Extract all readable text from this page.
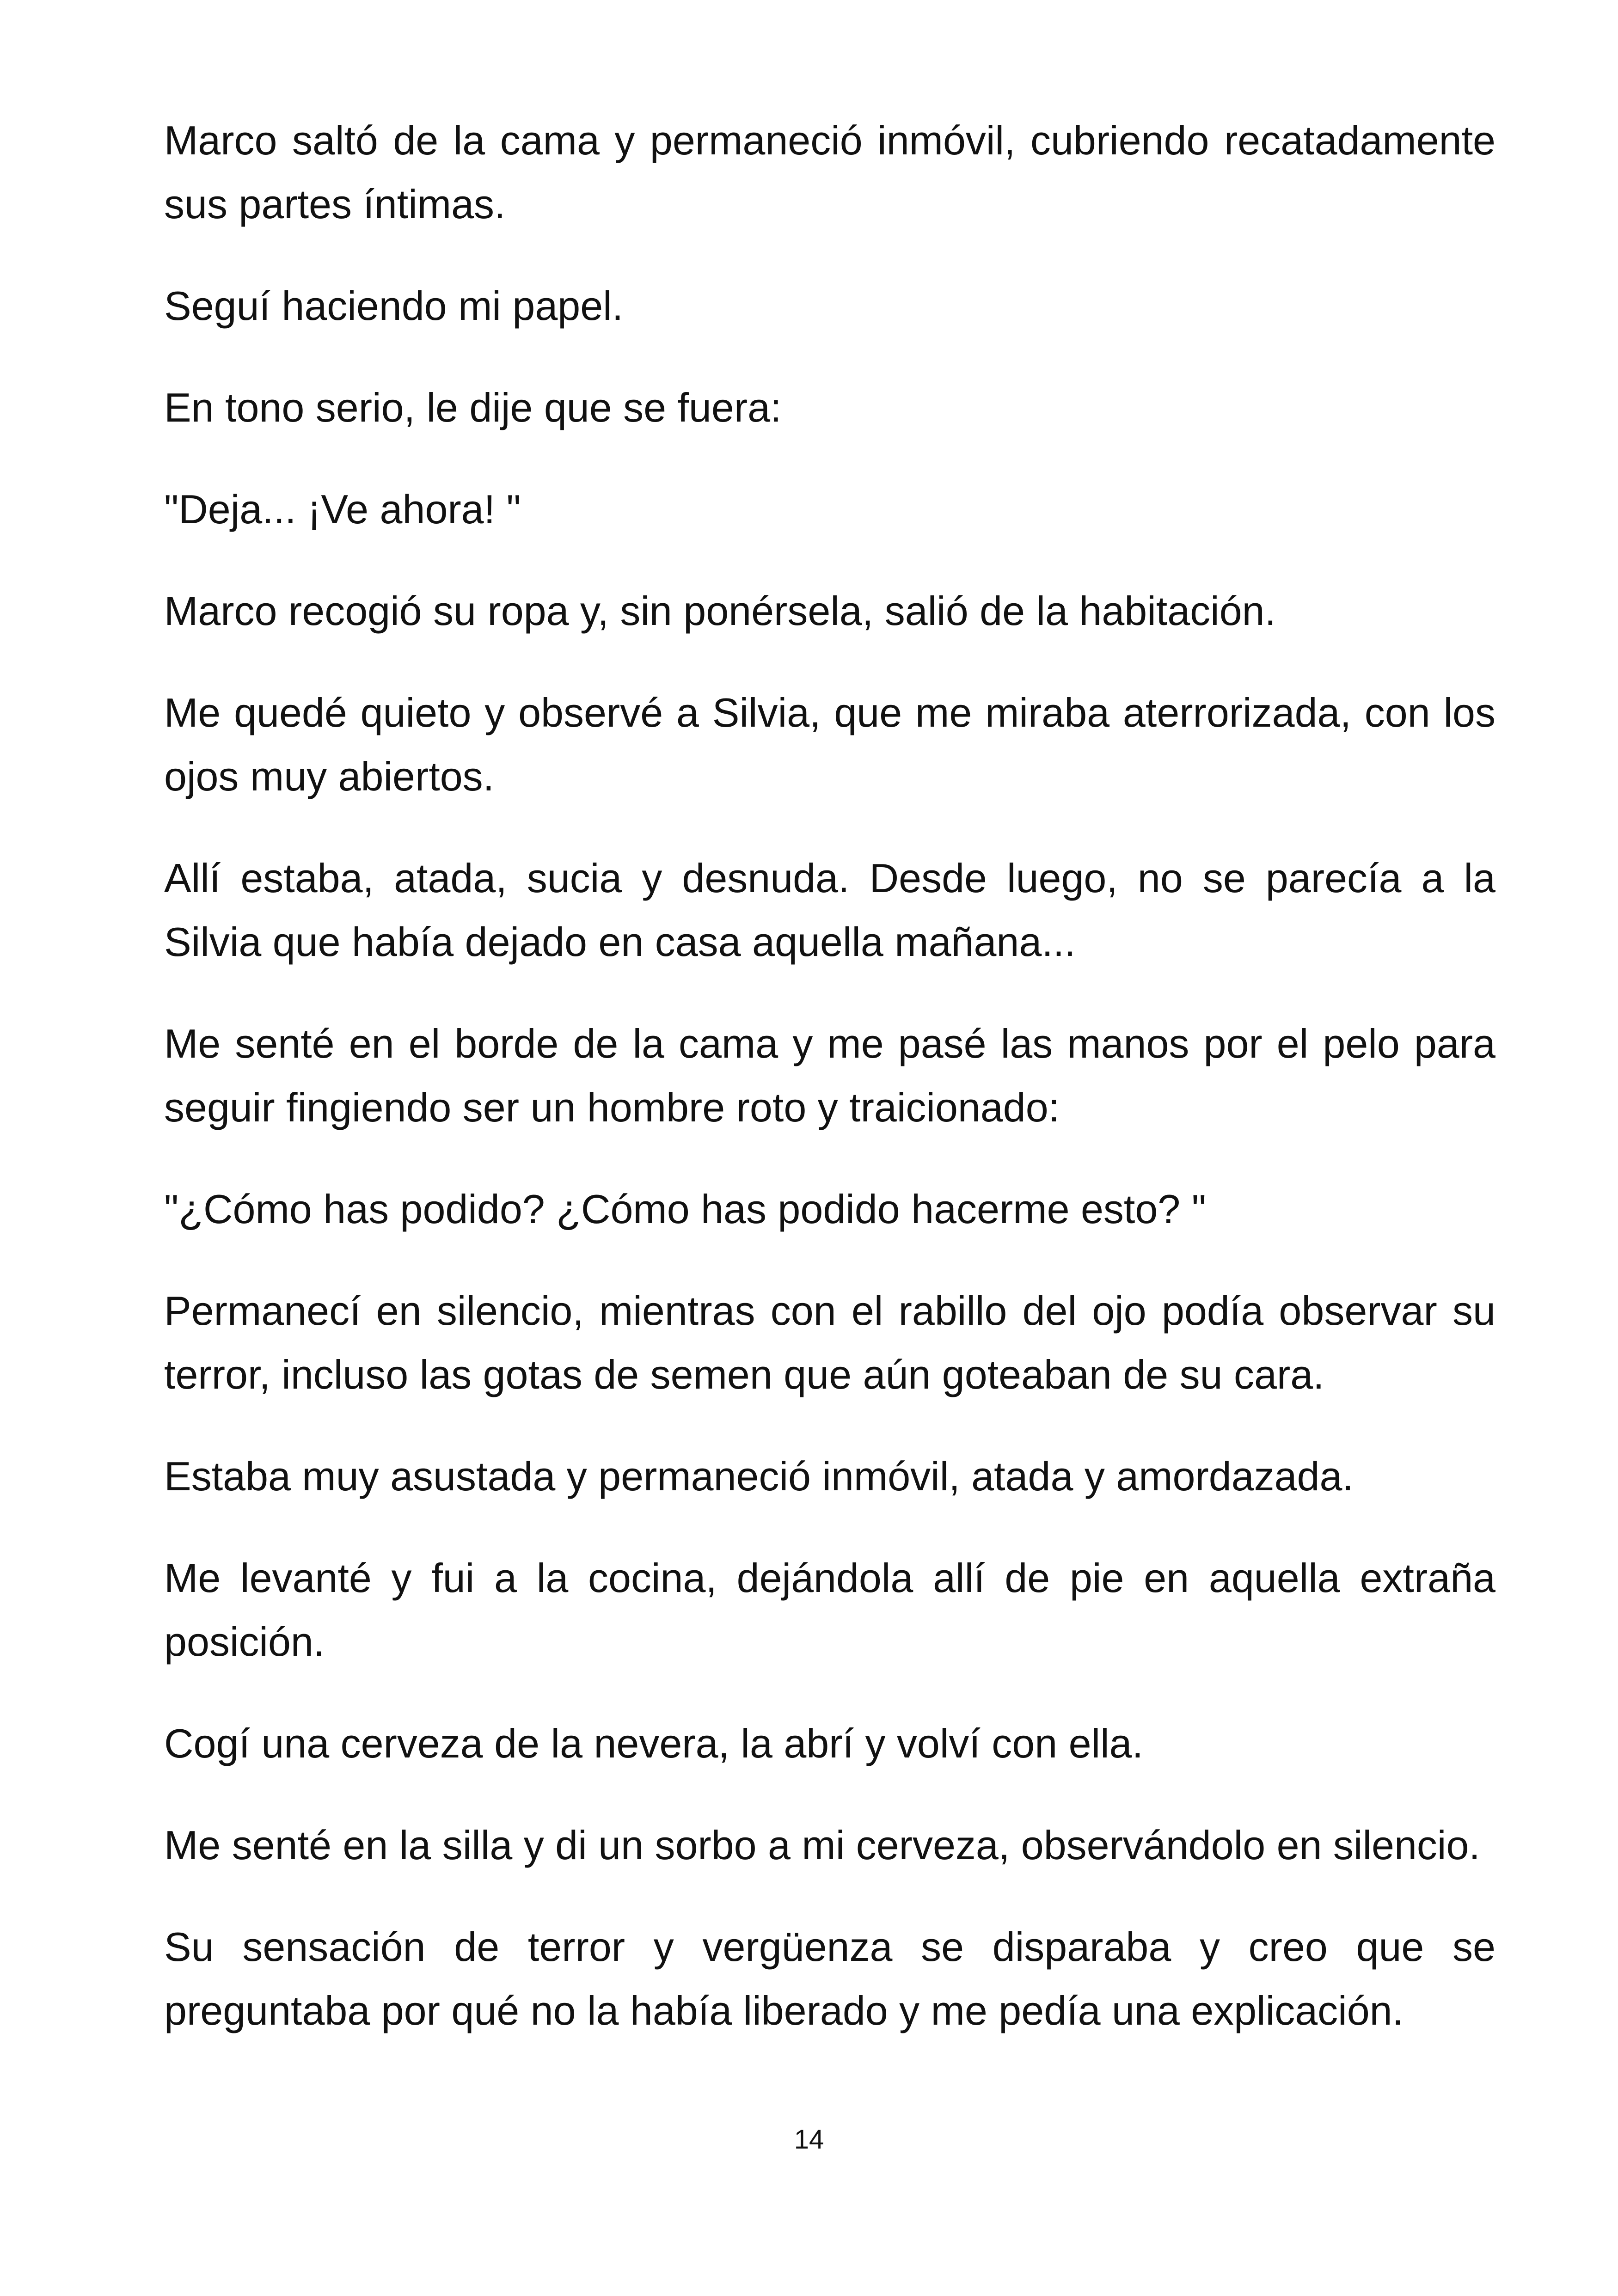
Marco saltó de la cama y permaneció inmóvil, cubriendo recatadamente sus partes íntimas.

Seguí haciendo mi papel.

En tono serio, le dije que se fuera:

"Deja... ¡Ve ahora! "

Marco recogió su ropa y, sin ponérsela, salió de la habitación.

Me quedé quieto y observé a Silvia, que me miraba aterrorizada, con los ojos muy abiertos.

Allí estaba, atada, sucia y desnuda. Desde luego, no se parecía a la Silvia que había dejado en casa aquella mañana...

Me senté en el borde de la cama y me pasé las manos por el pelo para seguir fingiendo ser un hombre roto y traicionado:

"¿Cómo has podido? ¿Cómo has podido hacerme esto? "

Permanecí en silencio, mientras con el rabillo del ojo podía observar su terror, incluso las gotas de semen que aún goteaban de su cara.

Estaba muy asustada y permaneció inmóvil, atada y amordazada.

Me levanté y fui a la cocina, dejándola allí de pie en aquella extraña posición.

Cogí una cerveza de la nevera, la abrí y volví con ella.

Me senté en la silla y di un sorbo a mi cerveza, observándolo en silencio.

Su sensación de terror y vergüenza se disparaba y creo que se preguntaba por qué no la había liberado y me pedía una explicación.

14
